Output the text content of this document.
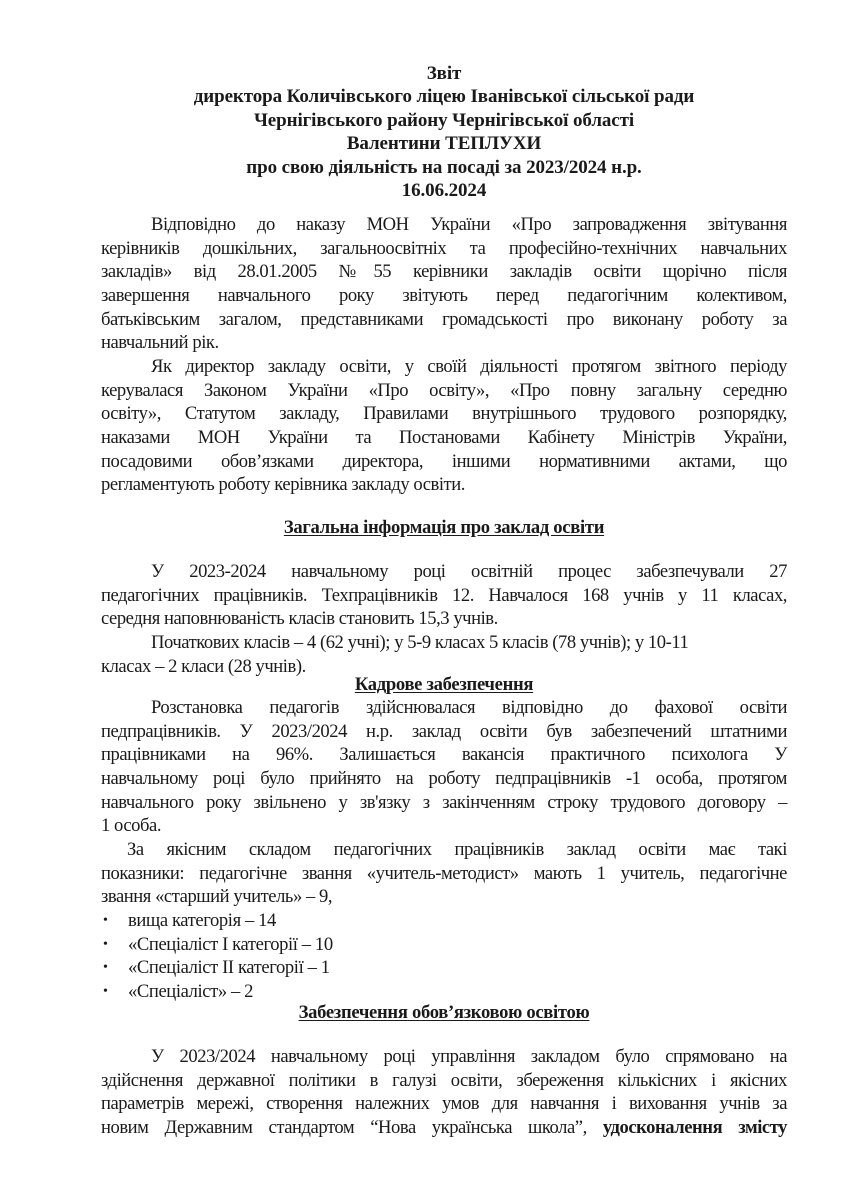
Звіт
директора Количівського ліцею Іванівської сільської ради
Чернігівського району Чернігівської області
Валентини ТЕПЛУХИ
про свою діяльність на посаді за 2023/2024 н.р.
16.06.2024
Відповідно до наказу МОН України «Про запровадження звітування
керівників дошкільних, загальноосвітніх та професійно-технічних навчальних
закладів» від 28.01.2005 №55 керівники закладів освіти щорічно після
завершення навчального року звітують перед педагогічним колективом,
батьківським загалом, представниками громадськості про виконану роботу за
навчальний рік.
Як директор закладу освіти, у своїй діяльності протягом звітного періоду
керувалася Законом України «Про освіту», «Про повну загальну середню
освіту», Статутом закладу, Правилами внутрішнього трудового розпорядку,
наказами МОН України та Постановами Кабінету Міністрів України,
посадовими обов’язками директора, іншими нормативними актами, що
регламентують роботу керівника закладу освіти.
Загальна інформація про заклад освіти
У 2023-2024 навчальному році освітній процес забезпечували 27
педагогічних працівників. Техпрацівників 12. Навчалося 168 учнів у 11 класах,
середня наповнюваність класів становить 15,3 учнів.
Початкових класів – 4 (62 учні); у 5-9 класах 5 класів (78 учнів); у 10-11
класах – 2 класи (28 учнів).
Кадрове забезпечення
Розстановка педагогів здійснювалася відповідно до фахової освіти
педпрацівників. У 2023/2024 н.р. заклад освіти був забезпечений штатними
працівниками на 96%. Залишається вакансія практичного психолога У
навчальному році було прийнято на роботу педпрацівників -1 особа, протягом
навчального року звільнено у зв'язку з закінченням строку трудового договору –
1 особа.
За якісним складом педагогічних працівників заклад освіти має такі
показники: педагогічне звання «учитель-методист» мають 1 учитель, педагогічне
звання «старший учитель» – 9,
• вища категорія – 14
• «Спеціаліст І категорії – 10
• «Спеціаліст ІІ категорії – 1
• «Спеціаліст» – 2
Забезпечення обов’язковою освітою
У 2023/2024 навчальному році управління закладом було спрямовано на
здійснення державної політики в галузі освіти, збереження кількісних і якісних
параметрів мережі, створення належних умов для навчання і виховання учнів за
новим Державним стандартом “Нова українська школа”, удосконалення змісту
